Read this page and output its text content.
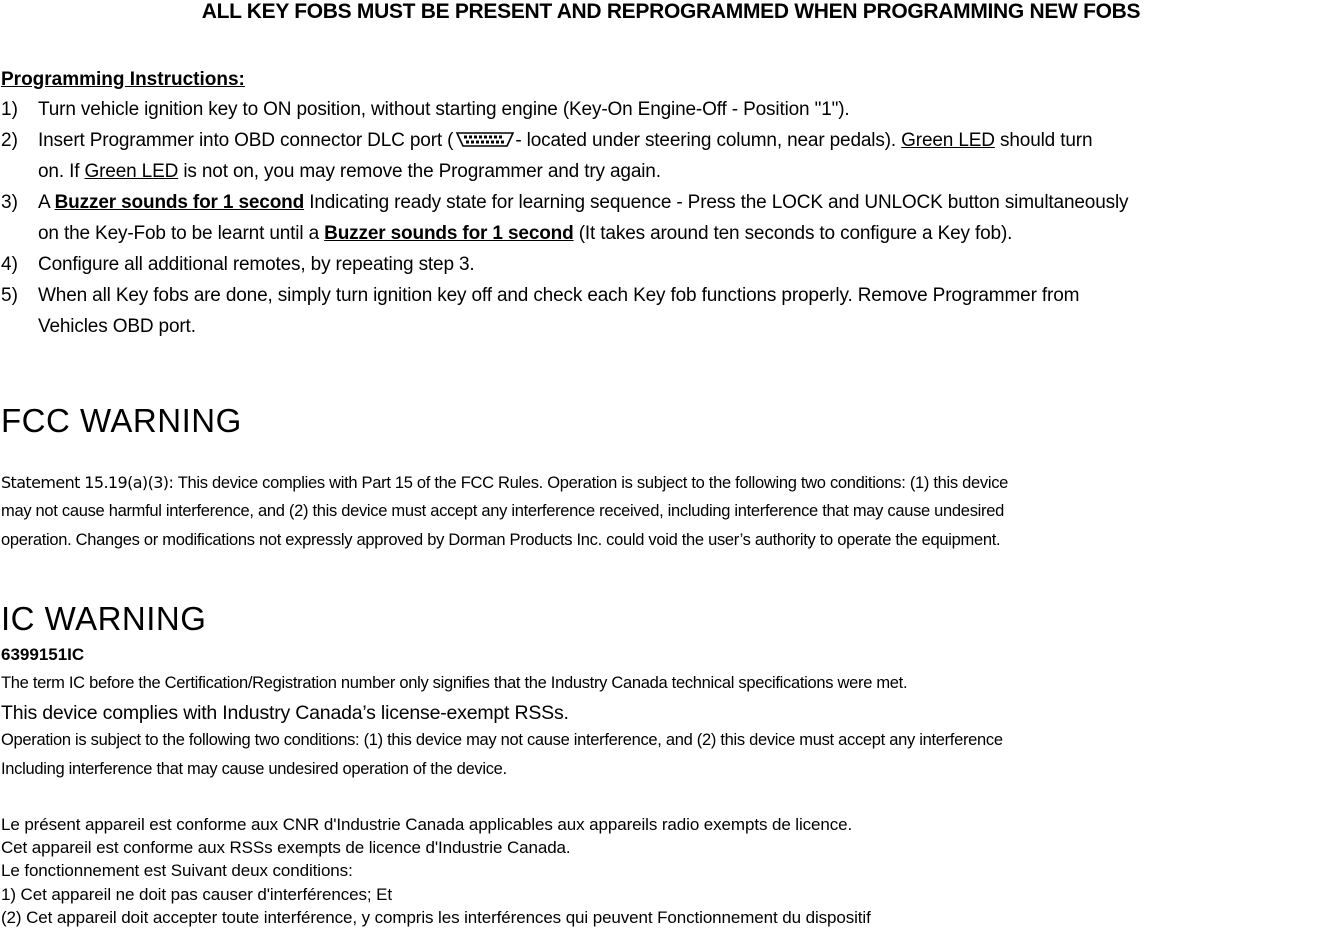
ALL KEY FOBS MUST BE PRESENT AND REPROGRAMMED WHEN PROGRAMMING NEW FOBS
Programming Instructions:
1) Turn vehicle ignition key to ON position, without starting engine (Key-On Engine-Off - Position "1").
2) Insert Programmer into OBD connector DLC port (	- located under steering column, near pedals). Green LED should turn
on. If Green LED is not on, you may remove the Programmer and try again.
3) A Buzzer sounds for 1 second Indicating ready state for learning sequence - Press the LOCK and UNLOCK button simultaneously
on the Key-Fob to be learnt until a Buzzer sounds for 1 second (It takes around ten seconds to configure a Key fob).
4) Configure all additional remotes, by repeating step 3.
5) When all Key fobs are done, simply turn ignition key off and check each Key fob functions properly. Remove Programmer from
Vehicles OBD port.
FCC WARNING
Statement 15.19(a)(3): This device complies with Part 15 of the FCC Rules. Operation is subject to the following two conditions: (1) this device
may not cause harmful interference, and (2) this device must accept any interference received, including interference that may cause undesired
operation. Changes or modifications not expressly approved by Dorman Products Inc. could void the user’s authority to operate the equipment.
IC WARNING
6399151IC
The term IC before the Certification/Registration number only signifies that the Industry Canada technical specifications were met.
This device complies with Industry Canada’s license-exempt RSSs.
Operation is subject to the following two conditions: (1) this device may not cause interference, and (2) this device must accept any interference
Including interference that may cause undesired operation of the device.
Le présent appareil est conforme aux CNR d'Industrie Canada applicables aux appareils radio exempts de licence.
Cet appareil est conforme aux RSSs exempts de licence d'Industrie Canada.
Le fonctionnement est Suivant deux conditions:
1) Cet appareil ne doit pas causer d'interférences; Et
(2) Cet appareil doit accepter toute interférence, y compris les interférences qui peuvent Fonctionnement du dispositif
